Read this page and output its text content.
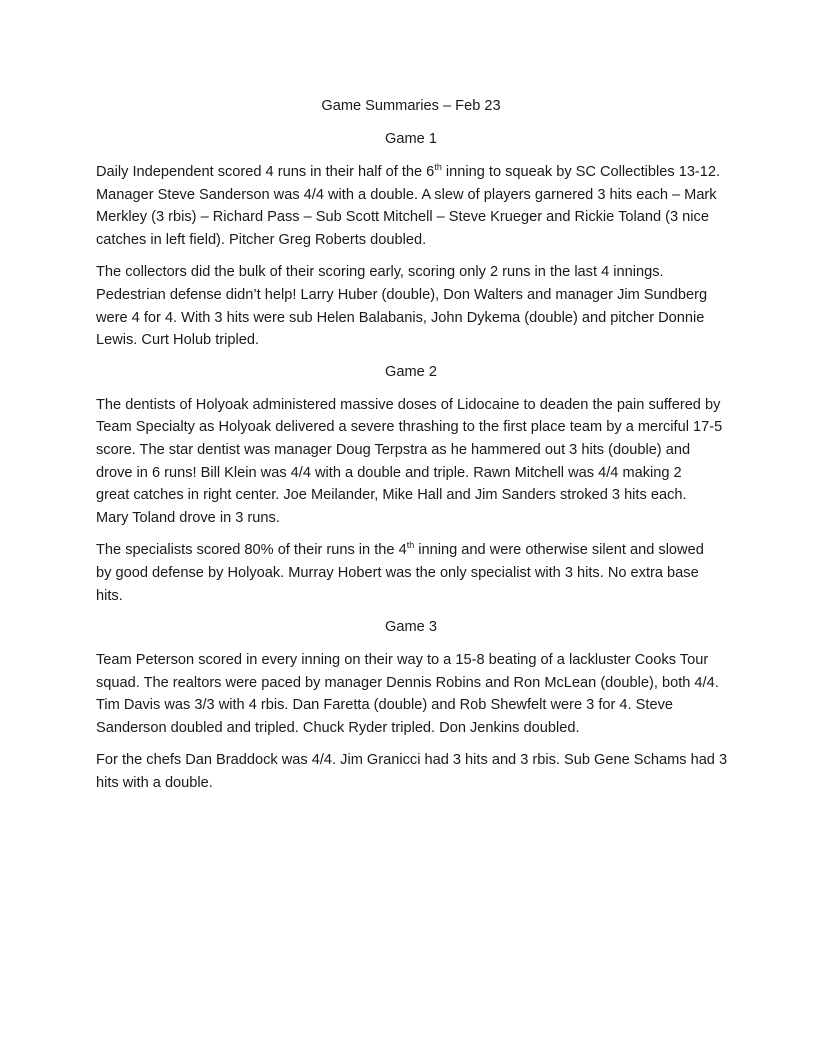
Game Summaries – Feb 23
Game 1
Daily Independent scored 4 runs in their half of the 6th inning to squeak by SC Collectibles 13-12.
Manager Steve Sanderson was 4/4 with a double. A slew of players garnered 3 hits each – Mark
Merkley (3 rbis) – Richard Pass – Sub Scott Mitchell – Steve Krueger and Rickie Toland (3 nice
catches in left field). Pitcher Greg Roberts doubled.
The collectors did the bulk of their scoring early, scoring only 2 runs in the last 4 innings.
Pedestrian defense didn’t help! Larry Huber (double), Don Walters and manager Jim Sundberg
were 4 for 4. With 3 hits were sub Helen Balabanis, John Dykema (double) and pitcher Donnie
Lewis. Curt Holub tripled.
Game 2
The dentists of Holyoak administered massive doses of Lidocaine to deaden the pain suffered by
Team Specialty as Holyoak delivered a severe thrashing to the first place team by a merciful 17-5
score. The star dentist was manager Doug Terpstra as he hammered out 3 hits (double) and
drove in 6 runs! Bill Klein was 4/4 with a double and triple. Rawn Mitchell was 4/4 making 2
great catches in right center. Joe Meilander, Mike Hall and Jim Sanders stroked 3 hits each.
Mary Toland drove in 3 runs.
The specialists scored 80% of their runs in the 4th inning and were otherwise silent and slowed
by good defense by Holyoak. Murray Hobert was the only specialist with 3 hits. No extra base
hits.
Game 3
Team Peterson scored in every inning on their way to a 15-8 beating of a lackluster Cooks Tour
squad. The realtors were paced by manager Dennis Robins and Ron McLean (double), both 4/4.
Tim Davis was 3/3 with 4 rbis. Dan Faretta (double) and Rob Shewfelt were 3 for 4. Steve
Sanderson doubled and tripled. Chuck Ryder tripled. Don Jenkins doubled.
For the chefs Dan Braddock was 4/4. Jim Granicci had 3 hits and 3 rbis. Sub Gene Schams had 3
hits with a double.
